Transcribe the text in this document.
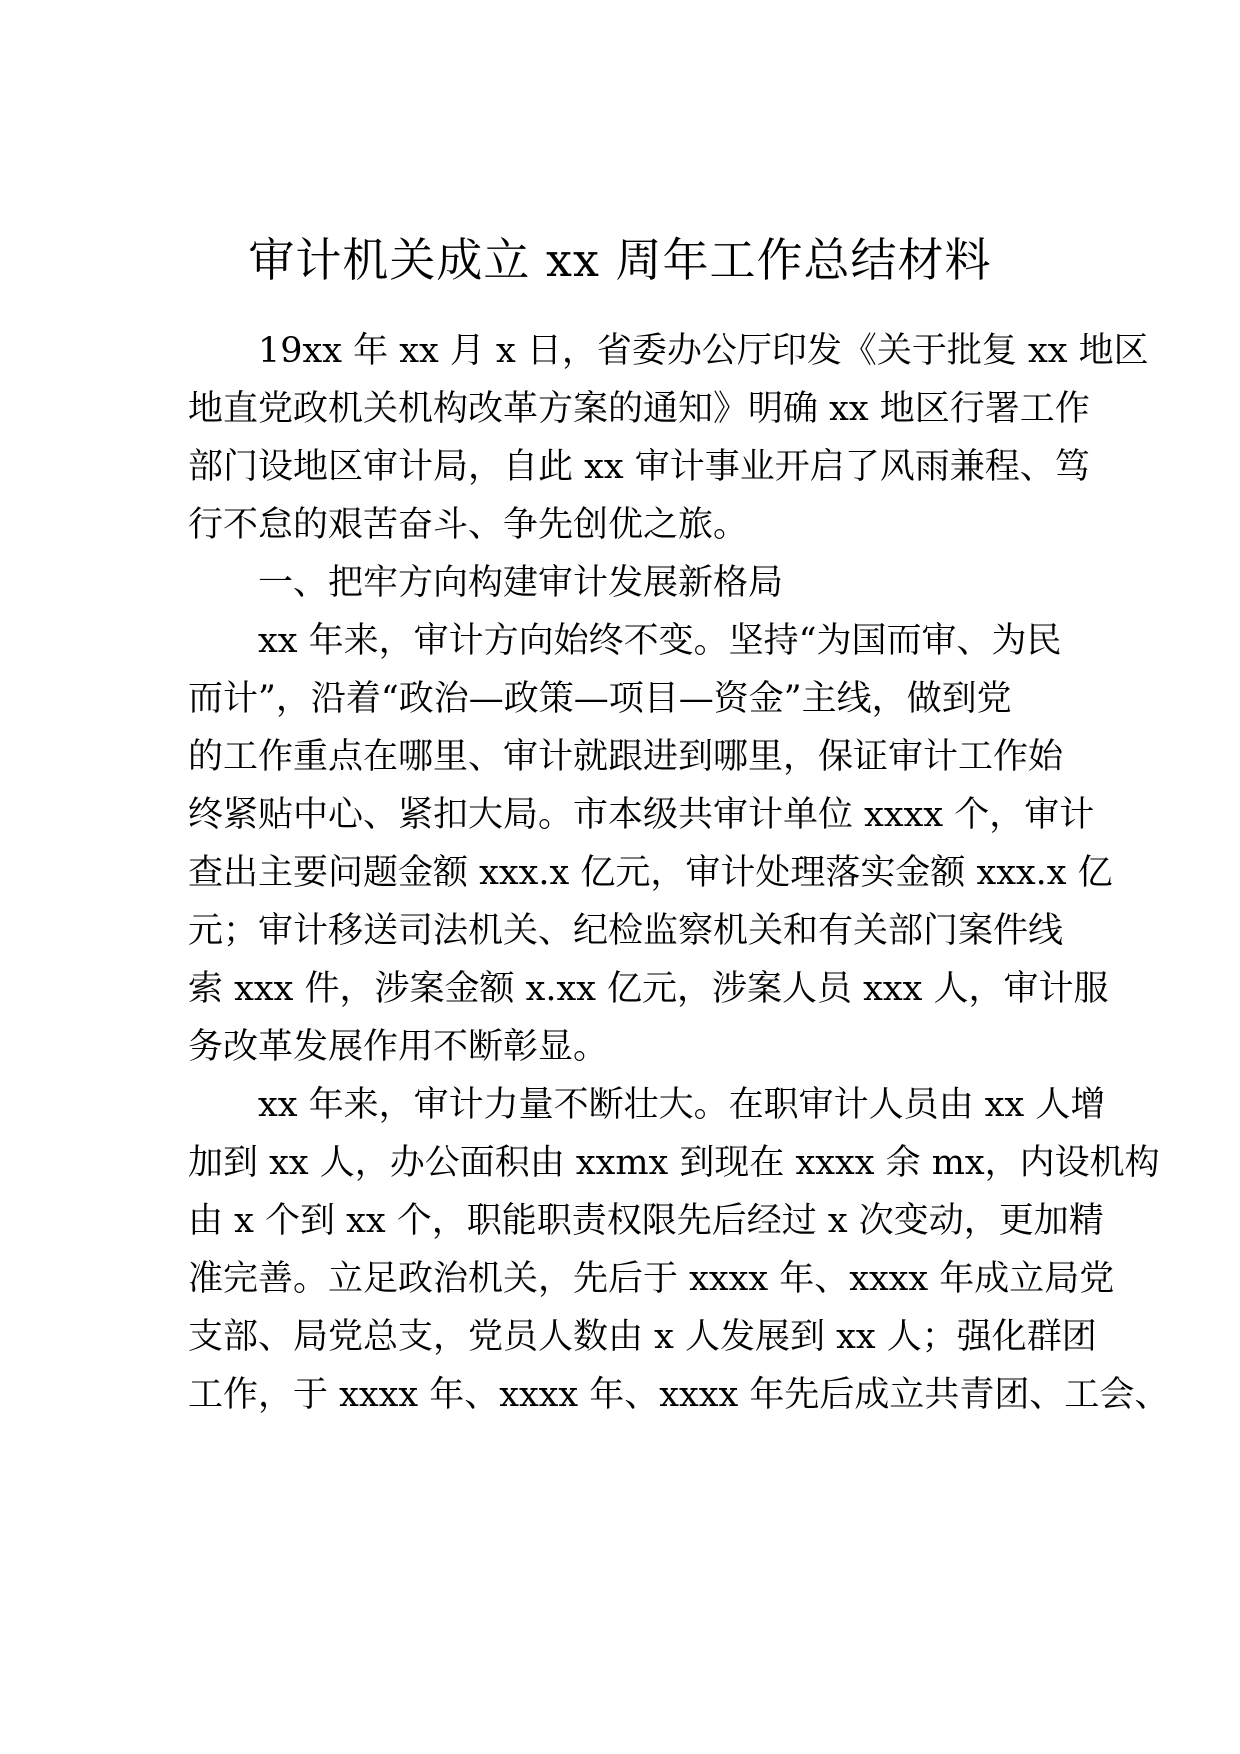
审计机关成立 xx 周年工作总结材料
19xx 年 xx 月 x 日，省委办公厅印发《关于批复 xx 地区
地直党政机关机构改革方案的通知》明确 xx 地区行署工作
部门设地区审计局，自此 xx 审计事业开启了风雨兼程、笃
行不怠的艰苦奋斗、争先创优之旅。
一、把牢方向构建审计发展新格局
xx 年来，审计方向始终不变。坚持“为国而审、为民
而计”，沿着“政治—政策—项目—资金”主线，做到党
的工作重点在哪里、审计就跟进到哪里，保证审计工作始
终紧贴中心、紧扣大局。市本级共审计单位 xxxx 个，审计
查出主要问题金额 xxx.x 亿元，审计处理落实金额 xxx.x 亿
元；审计移送司法机关、纪检监察机关和有关部门案件线
索 xxx 件，涉案金额 x.xx 亿元，涉案人员 xxx 人，审计服
务改革发展作用不断彰显。
xx 年来，审计力量不断壮大。在职审计人员由 xx 人增
加到 xx 人，办公面积由 xxmx 到现在 xxxx 余 mx，内设机构
由 x 个到 xx 个，职能职责权限先后经过 x 次变动，更加精
准完善。立足政治机关，先后于 xxxx 年、xxxx 年成立局党
支部、局党总支，党员人数由 x 人发展到 xx 人；强化群团
工作，于 xxxx 年、xxxx 年、xxxx 年先后成立共青团、工会、
